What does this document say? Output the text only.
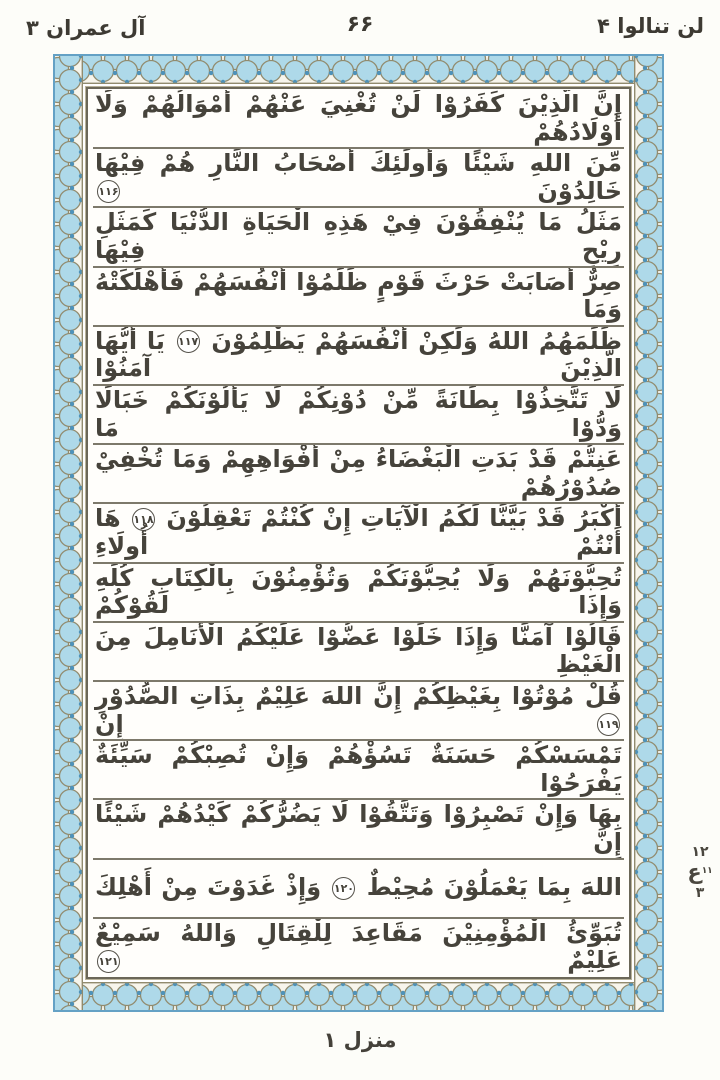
لن تنالوا ۴
۶۶
آل عمران ۳
إِنَّ الَّذِيْنَ كَفَرُوْا لَنْ تُغْنِيَ عَنْهُمْ أَمْوَالُهُمْ وَلَا أَوْلَادُهُمْ
مِّنَ اللهِ شَيْئًا وَأُولَئِكَ أَصْحَابُ النَّارِ هُمْ فِيْهَا خَالِدُوْنَ ۱۱۶
مَثَلُ مَا يُنْفِقُوْنَ فِيْ هَذِهِ الْحَيَاةِ الدُّنْيَا كَمَثَلِ رِيْحٍ فِيْهَا
صِرٌّ أَصَابَتْ حَرْثَ قَوْمٍ ظَلَمُوْا أَنْفُسَهُمْ فَأَهْلَكَتْهُ وَمَا
ظَلَمَهُمُ اللهُ وَلَكِنْ أَنْفُسَهُمْ يَظْلِمُوْنَ ۱۱۷ يَا أَيُّهَا الَّذِيْنَ آمَنُوْا
لَا تَتَّخِذُوْا بِطَانَةً مِّنْ دُوْنِكُمْ لَا يَأْلُوْنَكُمْ خَبَالًا وَدُّوْا مَا
عَنِتُّمْ قَدْ بَدَتِ الْبَغْضَاءُ مِنْ أَفْوَاهِهِمْ وَمَا تُخْفِيْ صُدُوْرُهُمْ
أَكْبَرُ قَدْ بَيَّنَّا لَكُمُ الْآيَاتِ إِنْ كُنْتُمْ تَعْقِلُوْنَ ۱۱۸ هَا أَنْتُمْ أُولَاءِ
تُحِبُّوْنَهُمْ وَلَا يُحِبُّوْنَكُمْ وَتُؤْمِنُوْنَ بِالْكِتَابِ كُلِّهِ وَإِذَا لَقُوْكُمْ
قَالُوْا آمَنَّا وَإِذَا خَلَوْا عَضُّوْا عَلَيْكُمُ الْأَنَامِلَ مِنَ الْغَيْظِ
قُلْ مُوْتُوْا بِغَيْظِكُمْ إِنَّ اللهَ عَلِيْمٌ بِذَاتِ الصُّدُوْرِ ۱۱۹ إِنْ
تَمْسَسْكُمْ حَسَنَةٌ تَسُؤْهُمْ وَإِنْ تُصِبْكُمْ سَيِّئَةٌ يَفْرَحُوْا
بِهَا وَإِنْ تَصْبِرُوْا وَتَتَّقُوْا لَا يَضُرُّكُمْ كَيْدُهُمْ شَيْئًا إِنَّ
اللهَ بِمَا يَعْمَلُوْنَ مُحِيْطٌ ۱۲۰ وَإِذْ غَدَوْتَ مِنْ أَهْلِكَ
تُبَوِّئُ الْمُؤْمِنِيْنَ مَقَاعِدَ لِلْقِتَالِ وَاللهُ سَمِيْعٌ عَلِيْمٌ ۱۲۱
۱۲
$^{۱۱}$ع
۳
منزل ۱
